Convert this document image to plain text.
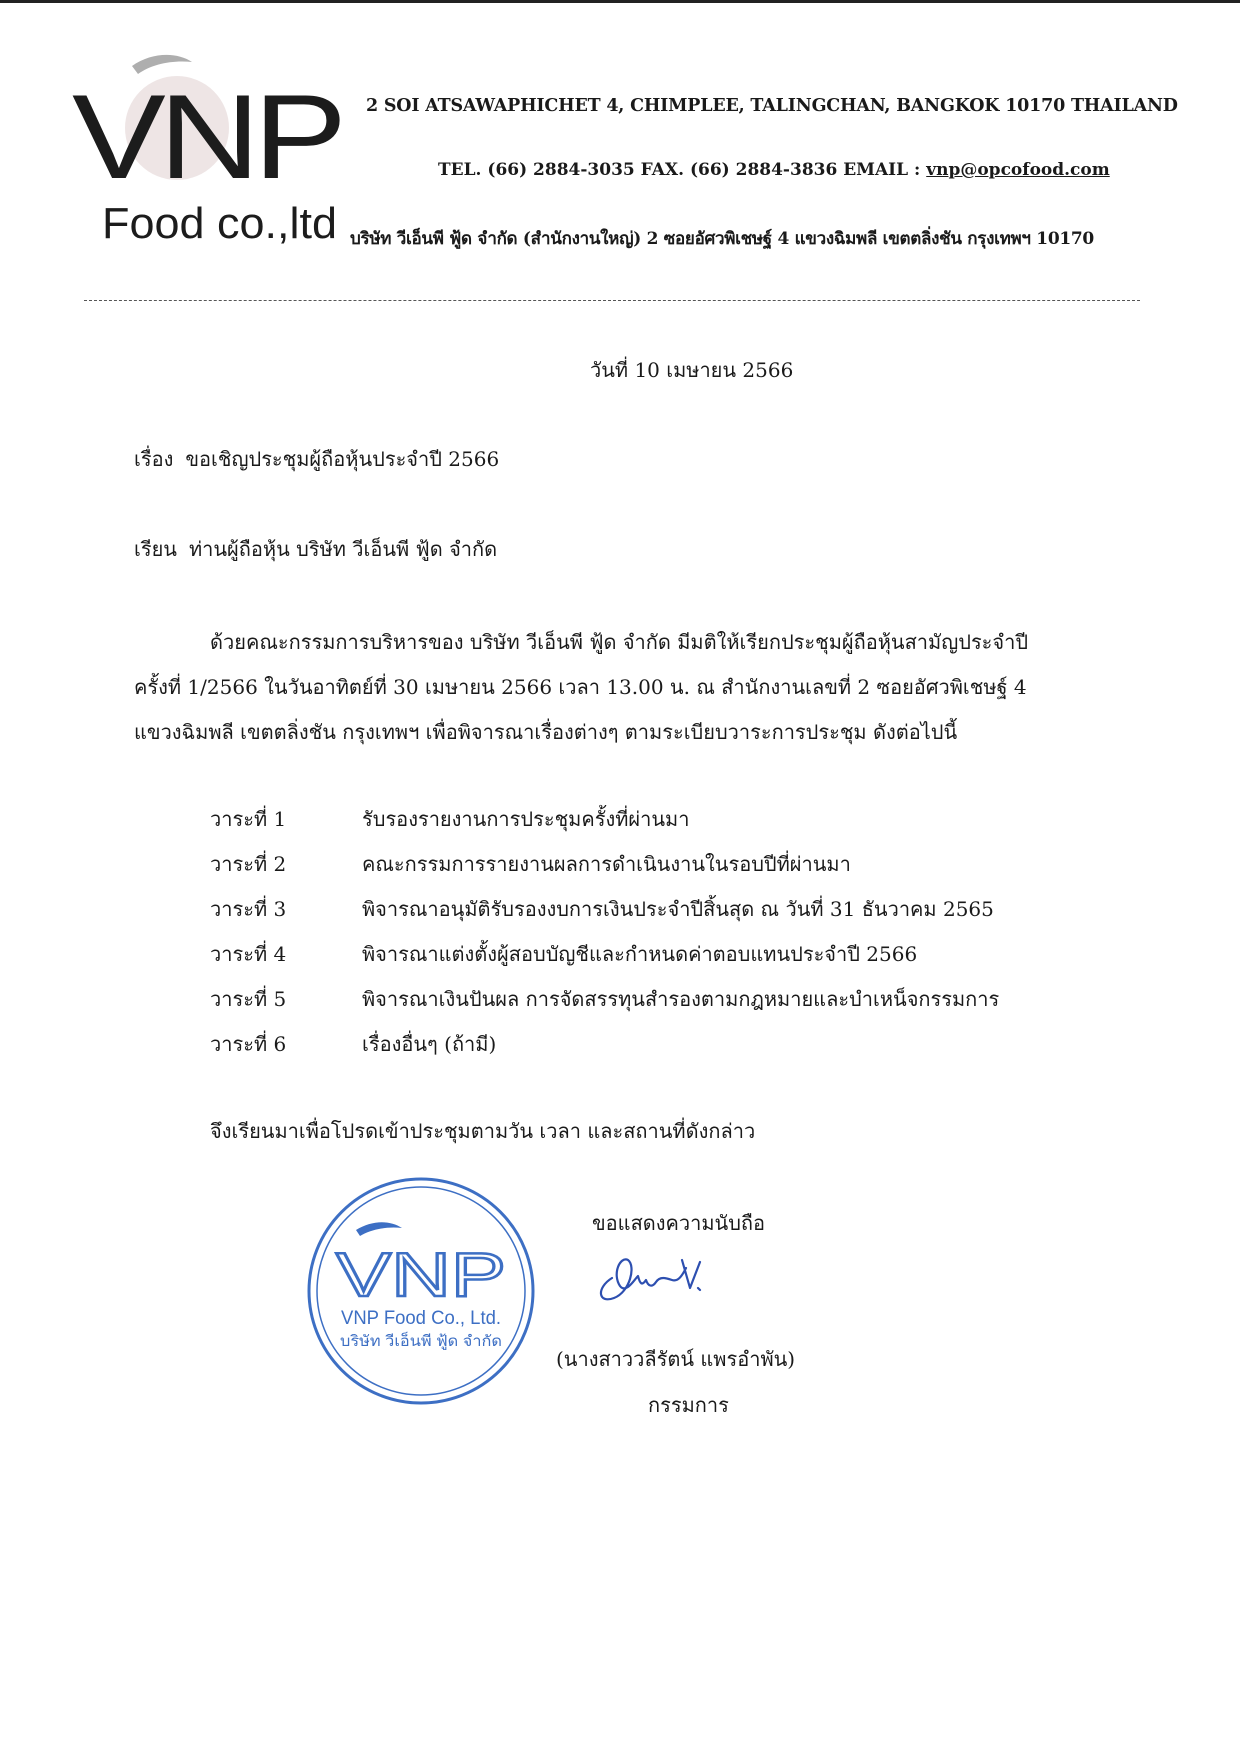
VNP
Food co.,ltd
2 SOI ATSAWAPHICHET 4, CHIMPLEE, TALINGCHAN, BANGKOK 10170 THAILAND
TEL. (66) 2884-3035 FAX. (66) 2884-3836 EMAIL : vnp@opcofood.com
บริษัท วีเอ็นพี ฟู้ด จำกัด (สำนักงานใหญ่) 2 ซอยอัศวพิเชษฐ์ 4 แขวงฉิมพลี เขตตลิ่งชัน กรุงเทพฯ 10170
วันที่ 10 เมษายน 2566
เรื่อง ขอเชิญประชุมผู้ถือหุ้นประจำปี 2566
เรียน ท่านผู้ถือหุ้น บริษัท วีเอ็นพี ฟู้ด จำกัด
ด้วยคณะกรรมการบริหารของ บริษัท วีเอ็นพี ฟู้ด จำกัด มีมติให้เรียกประชุมผู้ถือหุ้นสามัญประจำปี
ครั้งที่ 1/2566 ในวันอาทิตย์ที่ 30 เมษายน 2566 เวลา 13.00 น. ณ สำนักงานเลขที่ 2 ซอยอัศวพิเชษฐ์ 4
แขวงฉิมพลี เขตตลิ่งชัน กรุงเทพฯ เพื่อพิจารณาเรื่องต่างๆ ตามระเบียบวาระการประชุม ดังต่อไปนี้
วาระที่ 1	รับรองรายงานการประชุมครั้งที่ผ่านมา
วาระที่ 2	คณะกรรมการรายงานผลการดำเนินงานในรอบปีที่ผ่านมา
วาระที่ 3	พิจารณาอนุมัติรับรองงบการเงินประจำปีสิ้นสุด ณ วันที่ 31 ธันวาคม 2565
วาระที่ 4	พิจารณาแต่งตั้งผู้สอบบัญชีและกำหนดค่าตอบแทนประจำปี 2566
วาระที่ 5	พิจารณาเงินปันผล การจัดสรรทุนสำรองตามกฎหมายและบำเหน็จกรรมการ
วาระที่ 6	เรื่องอื่นๆ (ถ้ามี)
จึงเรียนมาเพื่อโปรดเข้าประชุมตามวัน เวลา และสถานที่ดังกล่าว
VNP
VNP Food Co., Ltd.
บริษัท วีเอ็นพี ฟู้ด จำกัด
ขอแสดงความนับถือ
(นางสาววลีรัตน์ แพรอำพัน)
กรรมการ
